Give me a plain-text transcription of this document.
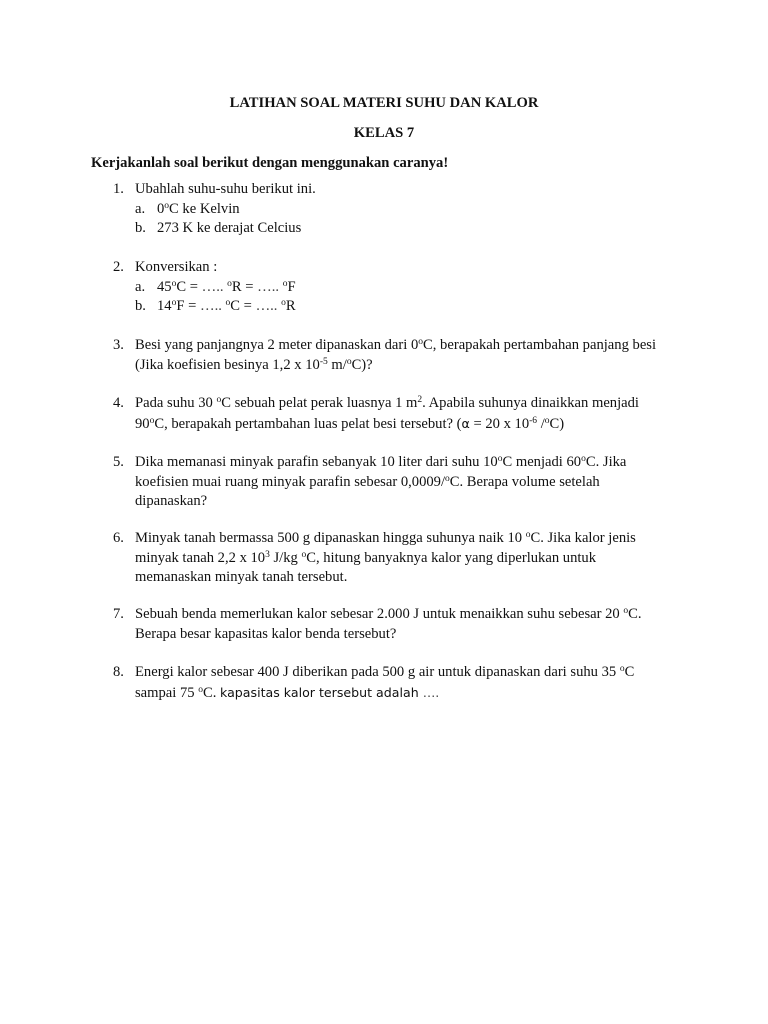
LATIHAN SOAL MATERI SUHU DAN KALOR
KELAS 7
Kerjakanlah soal berikut dengan menggunakan caranya!
1. Ubahlah suhu-suhu berikut ini.
a. 0$^o$C ke Kelvin
b. 273 K ke derajat Celcius
2. Konversikan :
a. $45^oC$ = ….. $^o$R = ….. $^o$F
b. $14^oF$ = ….. $^o$C = ….. $^o$R
3. Besi yang panjangnya 2 meter dipanaskan dari 0$^o$C, berapakah pertambahan panjang besi
(Jika koefisien besinya 1,2 x $10^{-5}$ m/$^o$C)?
4. Pada suhu 30 $^o$C sebuah pelat perak luasnya 1 $m^2$. Apabila suhunya dinaikkan menjadi
90$^o$C, berapakah pertambahan luas pelat besi tersebut? (α = 20 x $10^{-6}$ /$^o$C)
5. Dika memanasi minyak parafin sebanyak 10 liter dari suhu 10$^o$C menjadi 60$^o$C. Jika
koefisien muai ruang minyak parafin sebesar 0,0009/$^o$C. Berapa volume setelah
dipanaskan?
6. Minyak tanah bermassa 500 g dipanaskan hingga suhunya naik 10 $^o$C. Jika kalor jenis
minyak tanah 2,2 x $10^3$ J/kg $^o$C, hitung banyaknya kalor yang diperlukan untuk
memanaskan minyak tanah tersebut.
7. Sebuah benda memerlukan kalor sebesar 2.000 J untuk menaikkan suhu sebesar 20 $^o$C.
Berapa besar kapasitas kalor benda tersebut?
8. Energi kalor sebesar 400 J diberikan pada 500 g air untuk dipanaskan dari suhu 35 $^o$C
sampai 75 $^o$C. kapasitas kalor tersebut adalah ….
